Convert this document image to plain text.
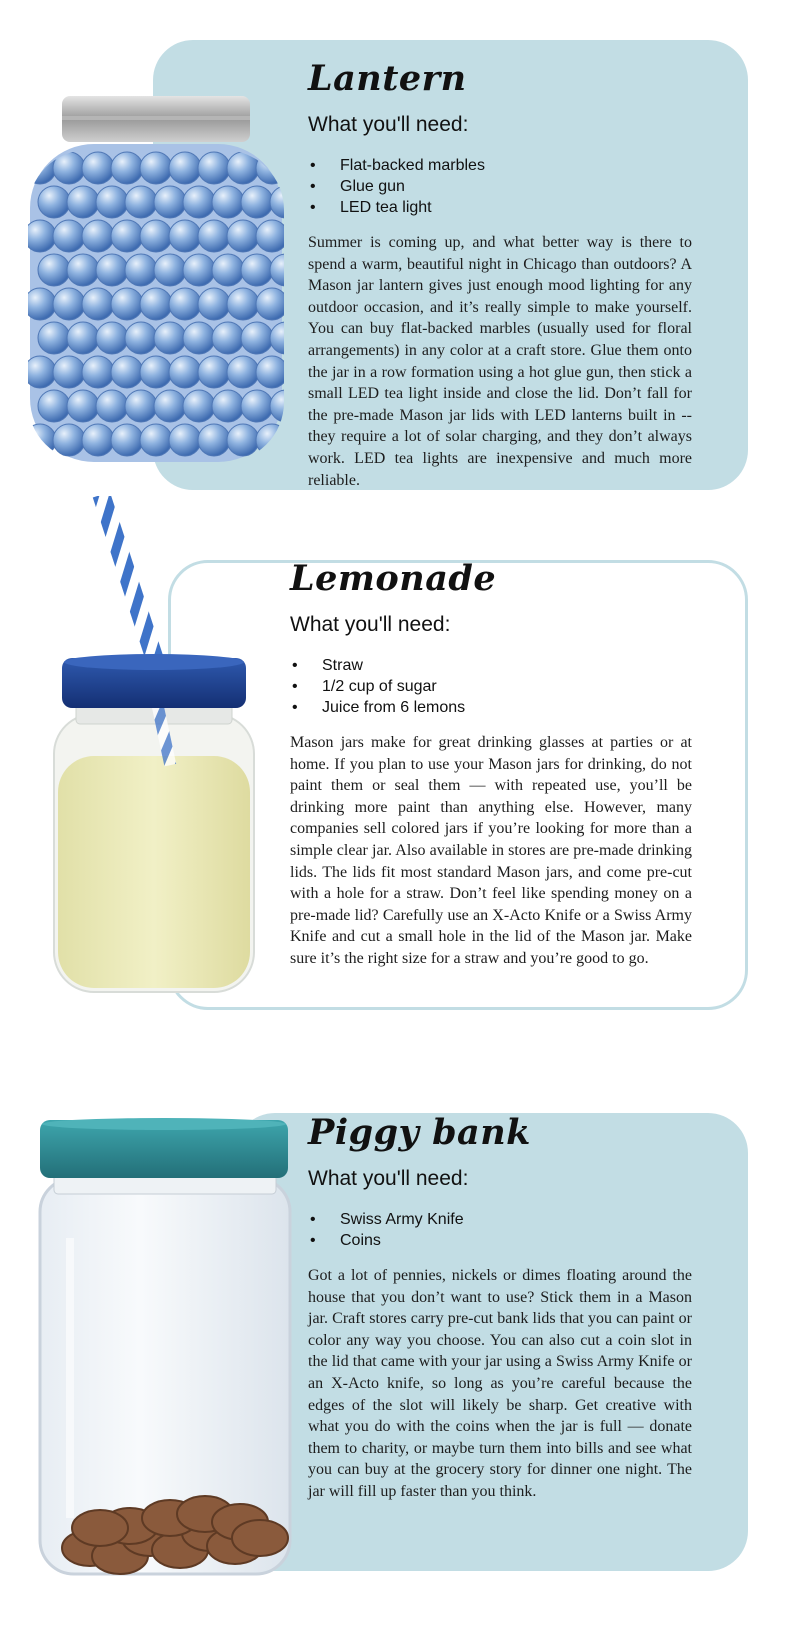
Lantern
What you'll need:
• Flat-backed marbles
• Glue gun
• LED tea light

Summer is coming up, and what better way is there to spend a warm, beautiful night in Chicago than outdoors? A Mason jar lantern gives just enough mood lighting for any outdoor occasion, and it’s really simple to make yourself. You can buy flat-backed marbles (usually used for floral arrangements) in any color at a craft store. Glue them onto the jar in a row formation using a hot glue gun, then stick a small LED tea light inside and close the lid. Don’t fall for the pre-made Mason jar lids with LED lanterns built in -- they require a lot of solar charging, and they don’t always work. LED tea lights are inexpensive and much more reliable.

Lemonade
What you'll need:
• Straw
• 1/2 cup of sugar
• Juice from 6 lemons

Mason jars make for great drinking glasses at parties or at home. If you plan to use your Mason jars for drinking, do not paint them or seal them — with repeated use, you’ll be drinking more paint than anything else. However, many companies sell colored jars if you’re looking for more than a simple clear jar. Also available in stores are pre-made drinking lids. The lids fit most standard Mason jars, and come pre-cut with a hole for a straw. Don’t feel like spending money on a pre-made lid? Carefully use an X-Acto Knife or a Swiss Army Knife and cut a small hole in the lid of the Mason jar. Make sure it’s the right size for a straw and you’re good to go.

Piggy bank
What you'll need:
• Swiss Army Knife
• Coins

Got a lot of pennies, nickels or dimes floating around the house that you don’t want to use? Stick them in a Mason jar. Craft stores carry pre-cut bank lids that you can paint or color any way you choose. You can also cut a coin slot in the lid that came with your jar using a Swiss Army Knife or an X-Acto knife, so long as you’re careful because the edges of the slot will likely be sharp. Get creative with what you do with the coins when the jar is full — donate them to charity, or maybe turn them into bills and see what you can buy at the grocery story for dinner one night. The jar will fill up faster than you think.
